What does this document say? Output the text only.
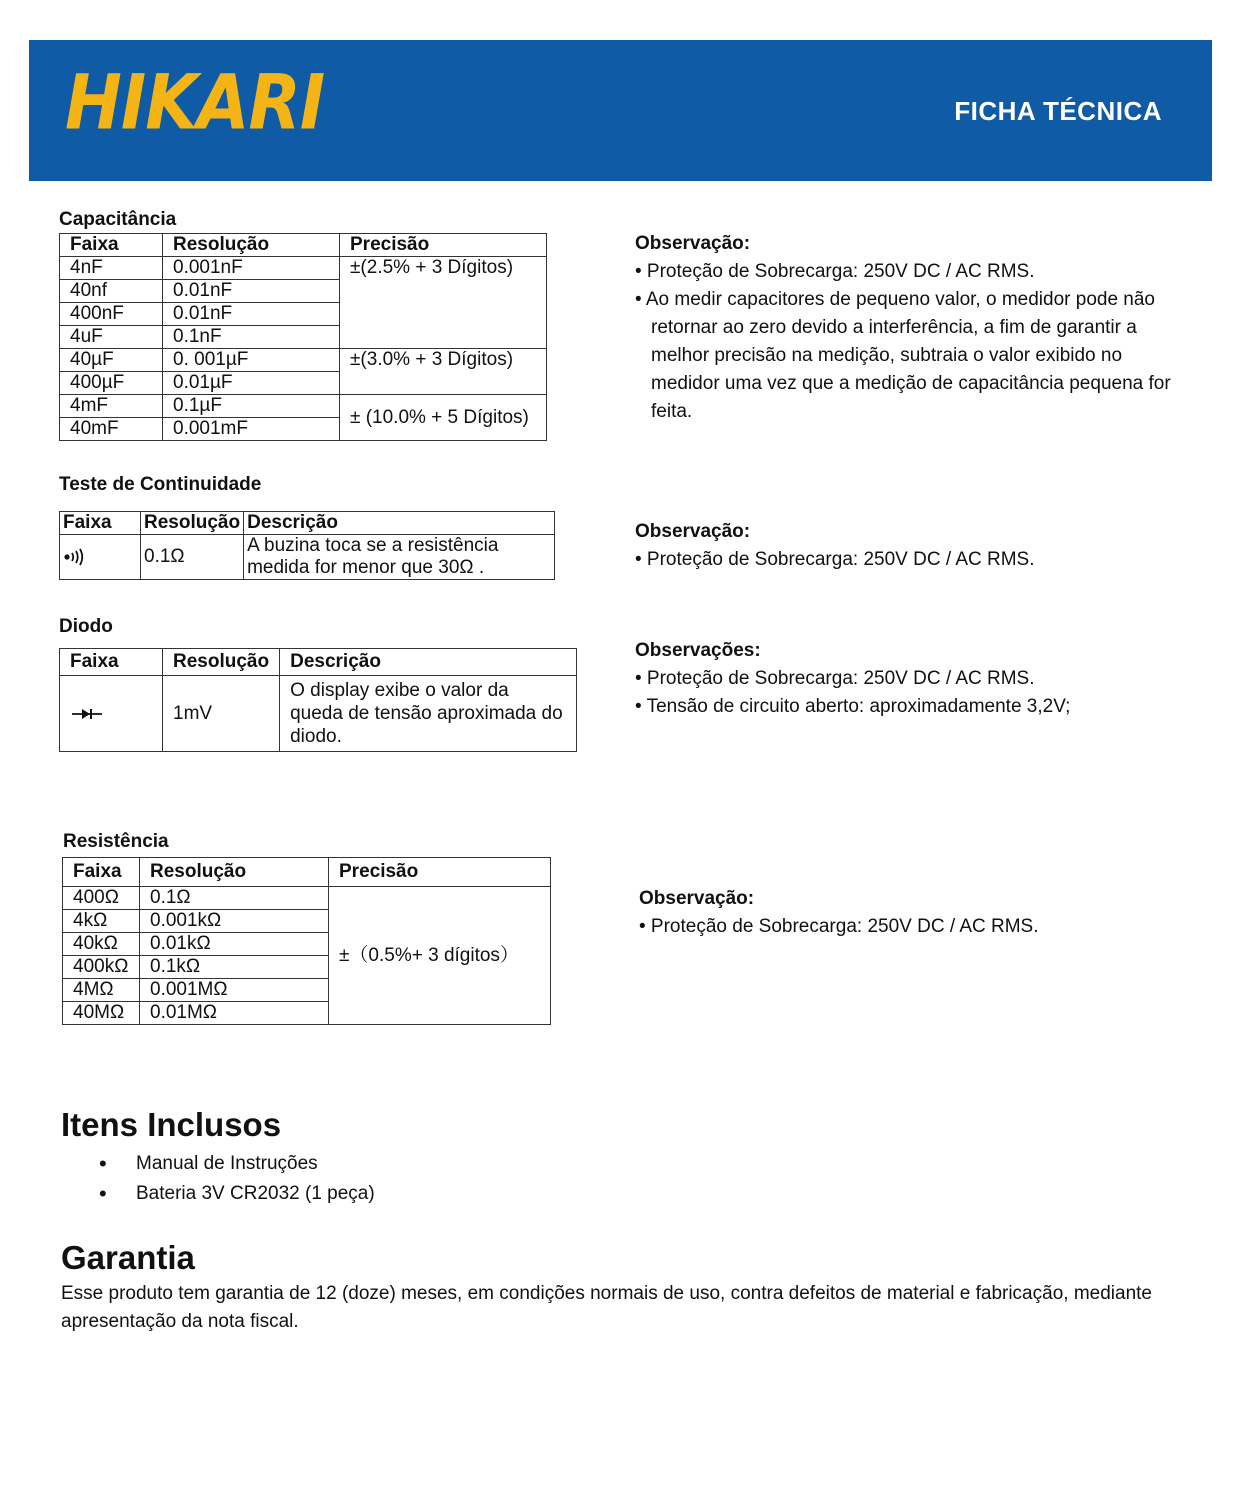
HIKARI	FICHA TÉCNICA
Capacitância
Faixa	Resolução	Precisão
4nF	0.001nF	±(2.5% + 3 Dígitos)
40nf	0.01nF	
400nF	0.01nF	
4uF	0.1nF	
40µF	0. 001µF	±(3.0% + 3 Dígitos)
400µF	0.01µF	
4mF	0.1µF	± (10.0% + 5 Dígitos)
40mF	0.001mF	
Observação:
• Proteção de Sobrecarga: 250V DC / AC RMS.
• Ao medir capacitores de pequeno valor, o medidor pode não retornar ao zero devido a interferência, a fim de garantir a melhor precisão na medição, subtraia o valor exibido no medidor uma vez que a medição de capacitância pequena for feita.
Teste de Continuidade
Faixa	Resolução	Descrição

	0.1Ω	A buzina toca se a resistência medida for menor que 30Ω .
Observação:
• Proteção de Sobrecarga: 250V DC / AC RMS.
Diodo
Faixa	Resolução	Descrição

	1mV	O display exibe o valor da queda de tensão aproximada do diodo.
Observações:
• Proteção de Sobrecarga: 250V DC / AC RMS.
• Tensão de circuito aberto: aproximadamente 3,2V;
Resistência
Faixa	Resolução	Precisão
400Ω	0.1Ω	±（0.5%+ 3 dígitos）
4kΩ	0.001kΩ	
40kΩ	0.01kΩ	
400kΩ	0.1kΩ	
4MΩ	0.001MΩ	
40MΩ	0.01MΩ	
Observação:
• Proteção de Sobrecarga: 250V DC / AC RMS.
Itens Inclusos
• Manual de Instruções
• Bateria 3V CR2032 (1 peça)
Garantia
Esse produto tem garantia de 12 (doze) meses, em condições normais de uso, contra defeitos de material e fabricação, mediante apresentação da nota fiscal.
